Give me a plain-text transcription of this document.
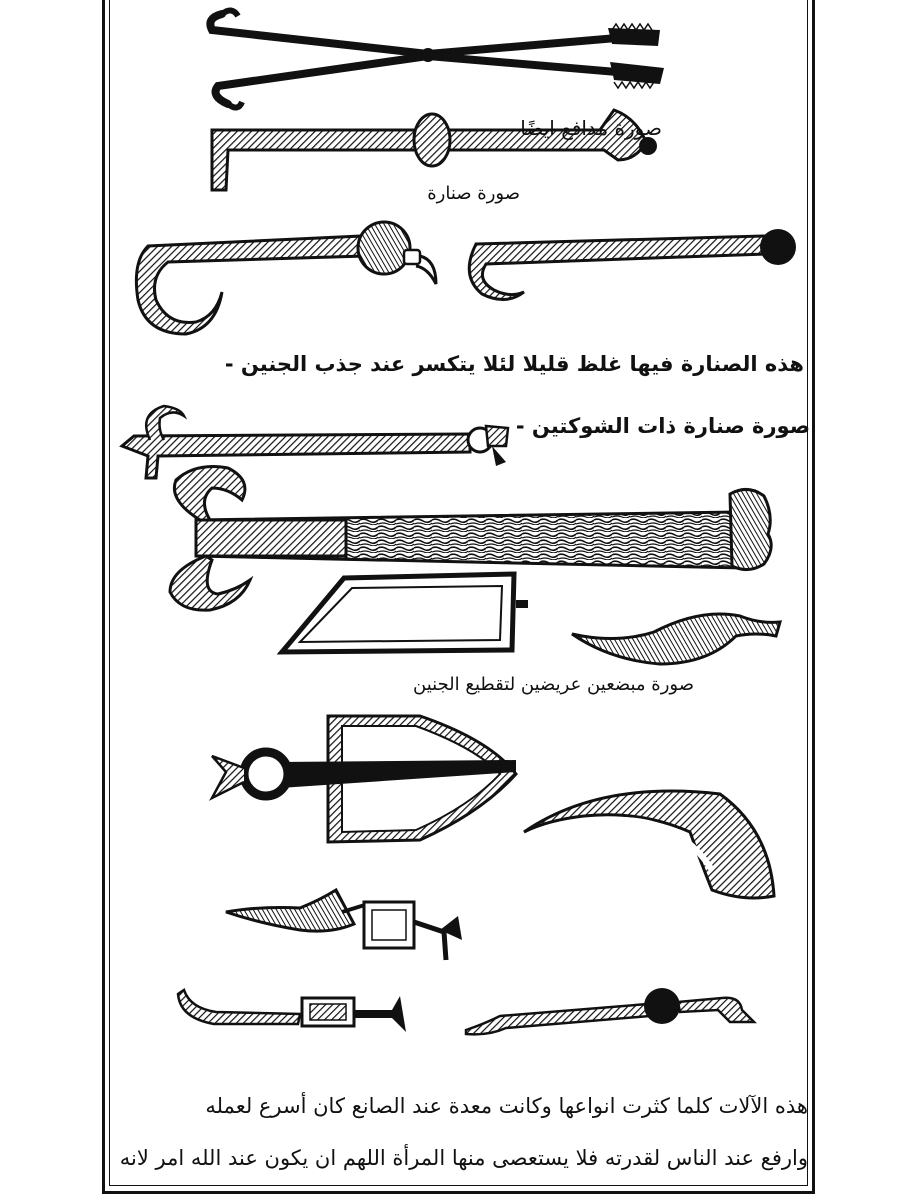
صورة مدافع ايضًا
صورة صنارة
هذه الصنارة فيها غلظ قليلا لئلا يتكسر عند جذب الجنين -
صورة صنارة ذات الشوكتين -
صورة مبضعين عريضين لتقطيع الجنين
هذه الآلات كلما كثرت انواعها وكانت معدة عند الصانع كان أسرع لعمله
وارفع عند الناس لقدرته فلا يستعصى منها المرأة اللهم ان يكون عند الله امر لانه
